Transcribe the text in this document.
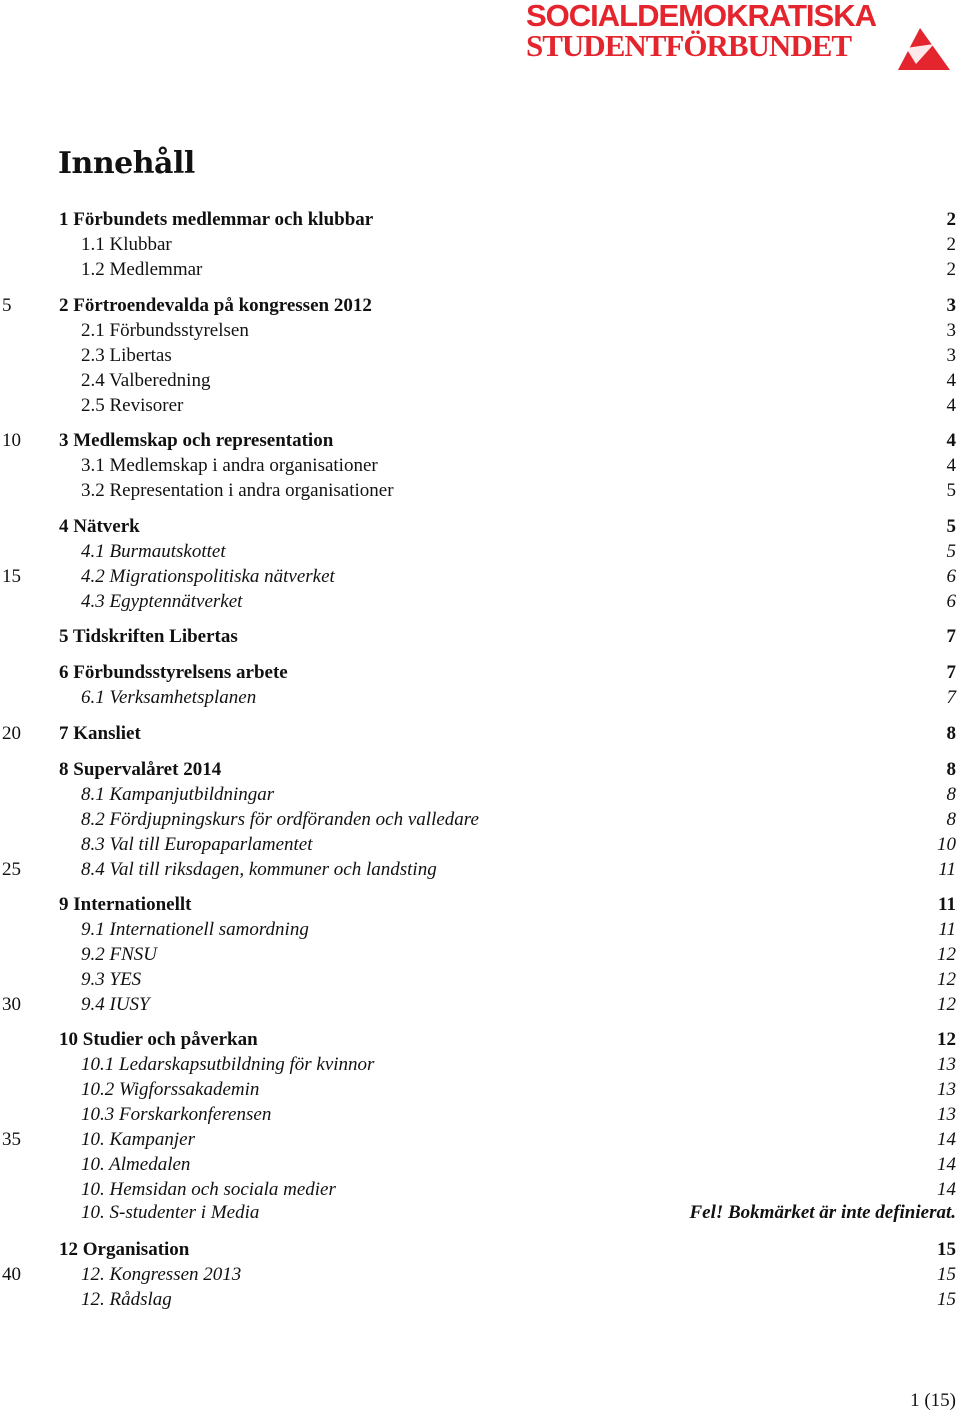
SOCIALDEMOKRATISKA
STUDENTFÖRBUNDET
Innehåll
1 Förbundets medlemmar och klubbar	2
1.1 Klubbar	2
1.2 Medlemmar	2
2 Förtroendevalda på kongressen 2012	3
2.1 Förbundsstyrelsen	3
2.3 Libertas	3
2.4 Valberedning	4
2.5 Revisorer	4
3 Medlemskap och representation	4
3.1 Medlemskap i andra organisationer	4
3.2 Representation i andra organisationer	5
4 Nätverk	5
4.1 Burmautskottet	5
4.2 Migrationspolitiska nätverket	6
4.3 Egyptennätverket	6
5 Tidskriften Libertas	7
6 Förbundsstyrelsens arbete	7
6.1 Verksamhetsplanen	7
7 Kansliet	8
8 Supervalåret 2014	8
8.1 Kampanjutbildningar	8
8.2 Fördjupningskurs för ordföranden och valledare	8
8.3 Val till Europaparlamentet	10
8.4 Val till riksdagen, kommuner och landsting	11
9 Internationellt	11
9.1 Internationell samordning	11
9.2 FNSU	12
9.3 YES	12
9.4 IUSY	12
10 Studier och påverkan	12
10.1 Ledarskapsutbildning för kvinnor	13
10.2 Wigforssakademin	13
10.3 Forskarkonferensen	13
10. Kampanjer	14
10. Almedalen	14
10. Hemsidan och sociala medier	14
10. S-studenter i Media	Fel! Bokmärket är inte definierat.
12 Organisation	15
12. Kongressen 2013	15
12. Rådslag	15
5
10
15
20
25
30
35
40
1 (15)
